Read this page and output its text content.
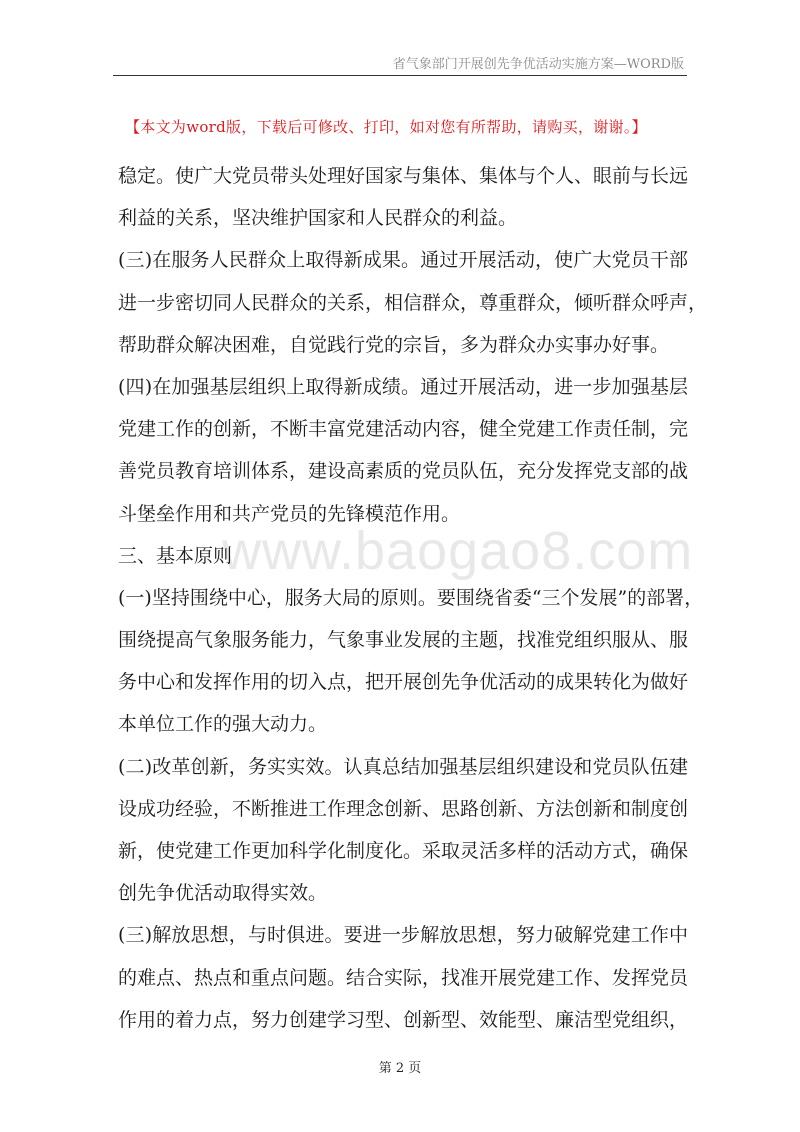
省气象部门开展创先争优活动实施方案—WORD版
【本文为word版，下载后可修改、打印，如对您有所帮助，请购买，谢谢。】
www.baogao8.com
稳定。使广大党员带头处理好国家与集体、集体与个人、眼前与长远
利益的关系，坚决维护国家和人民群众的利益。
(三)在服务人民群众上取得新成果。通过开展活动，使广大党员干部
进一步密切同人民群众的关系，相信群众，尊重群众，倾听群众呼声，
帮助群众解决困难，自觉践行党的宗旨，多为群众办实事办好事。
(四)在加强基层组织上取得新成绩。通过开展活动，进一步加强基层
党建工作的创新，不断丰富党建活动内容，健全党建工作责任制，完
善党员教育培训体系，建设高素质的党员队伍，充分发挥党支部的战
斗堡垒作用和共产党员的先锋模范作用。
三、基本原则
(一)坚持围绕中心，服务大局的原则。要围绕省委“三个发展”的部署，
围绕提高气象服务能力，气象事业发展的主题，找准党组织服从、服
务中心和发挥作用的切入点，把开展创先争优活动的成果转化为做好
本单位工作的强大动力。
(二)改革创新，务实实效。认真总结加强基层组织建设和党员队伍建
设成功经验，不断推进工作理念创新、思路创新、方法创新和制度创
新，使党建工作更加科学化制度化。采取灵活多样的活动方式，确保
创先争优活动取得实效。
(三)解放思想，与时俱进。要进一步解放思想，努力破解党建工作中
的难点、热点和重点问题。结合实际，找准开展党建工作、发挥党员
作用的着力点，努力创建学习型、创新型、效能型、廉洁型党组织，
第 2 页
